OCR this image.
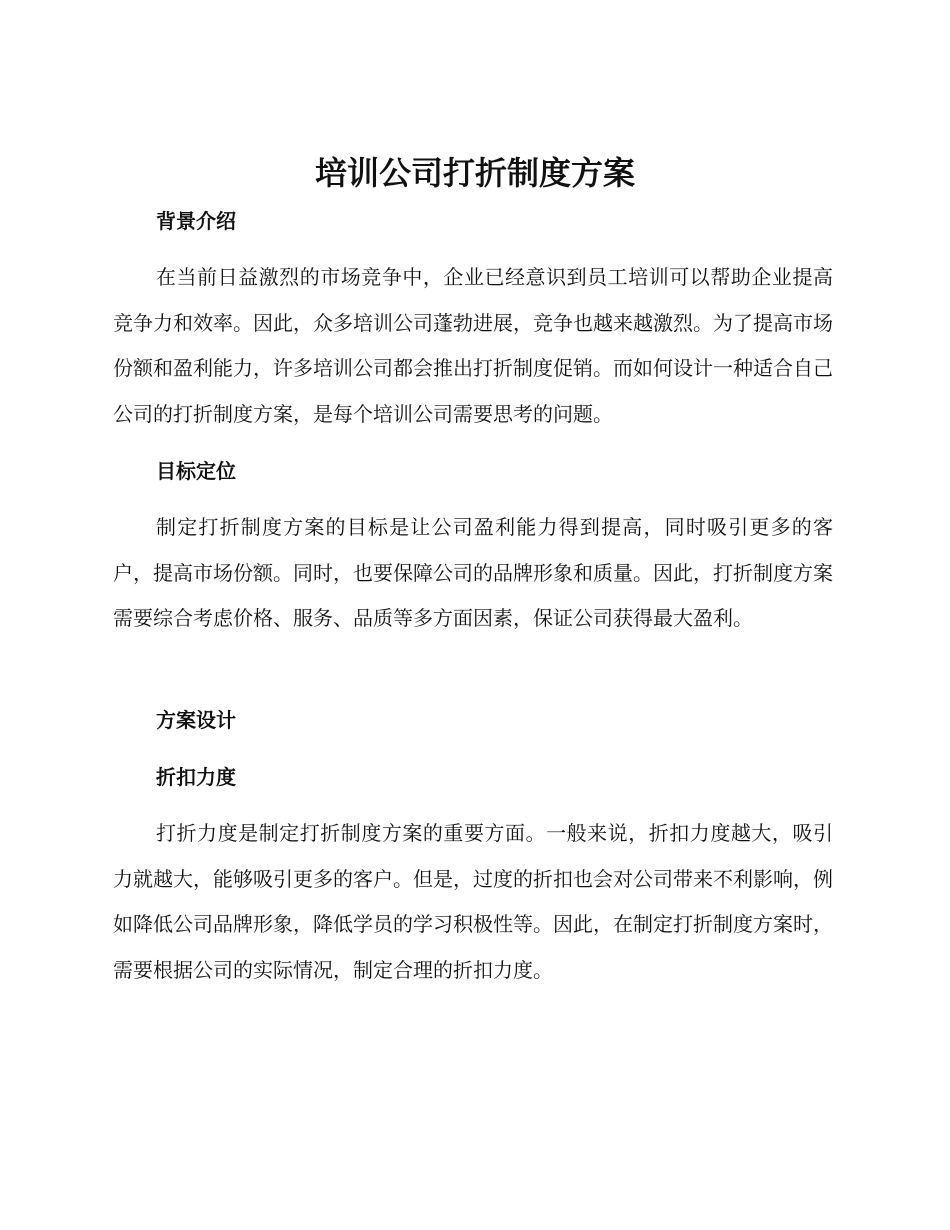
培训公司打折制度方案
背景介绍

在当前日益激烈的市场竞争中，企业已经意识到员工培训可以帮助企业提高竞争力和效率。因此，众多培训公司蓬勃进展，竞争也越来越激烈。为了提高市场份额和盈利能力，许多培训公司都会推出打折制度促销。而如何设计一种适合自己公司的打折制度方案，是每个培训公司需要思考的问题。

目标定位

制定打折制度方案的目标是让公司盈利能力得到提高，同时吸引更多的客户，提高市场份额。同时，也要保障公司的品牌形象和质量。因此，打折制度方案需要综合考虑价格、服务、品质等多方面因素，保证公司获得最大盈利。

方案设计
折扣力度

打折力度是制定打折制度方案的重要方面。一般来说，折扣力度越大，吸引力就越大，能够吸引更多的客户。但是，过度的折扣也会对公司带来不利影响，例如降低公司品牌形象，降低学员的学习积极性等。因此，在制定打折制度方案时，需要根据公司的实际情况，制定合理的折扣力度。
